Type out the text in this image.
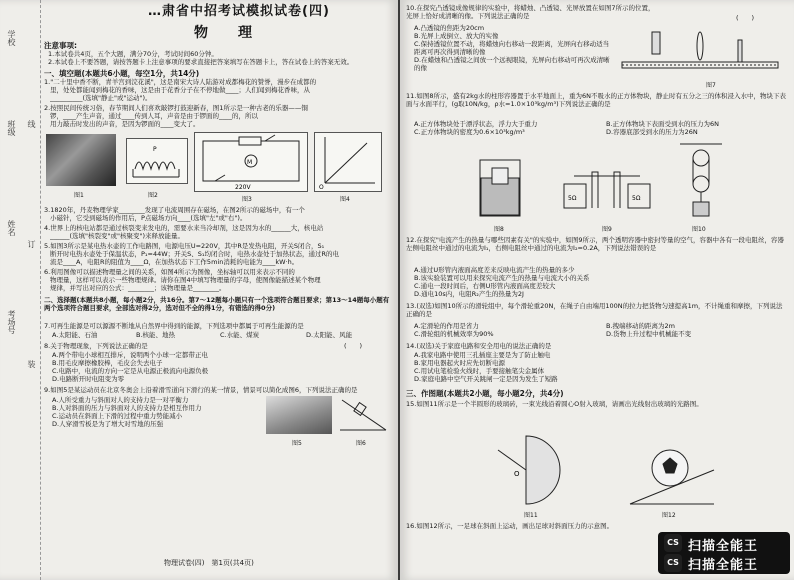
学校
班级
姓名
考场号
线
订
装
…肃省中招考试模拟试卷(四)
物　理
注意事项:
1.本试卷共4页，五个大题，满分70分，考试时间60分钟。
2.本试卷上不要答题，请按答题卡上注意事项的要求直接把答案填写在答题卡上，答在试卷上的答案无效。
一、填空题(本题共6小题，每空1分，共14分)
1."二十里中香不断，青羊宫到浣花溪"，这是南宋大诗人陆游对成都梅花的赞誉，漫步在成都的
里，处处都能闻到梅花的香味，这是由于花香分子在不停地做____；人们闻到梅花香味，从
__________(选填"静止"或"运动")。
2.按照民间传统习俗，春节期间人们喜欢敲锣打鼓迎新春，图1所示是一种古老的乐器——铜
锣，____产生声音，通过____传到人耳，声音是由于锣面的____的，所以
用力敲击时发出的声音，是因为锣面的____变大了。
P
M
220V	O
图1	图2
图3	图4
3.1820年，丹麦物理学家________发现了电流周围存在磁场，在图2所示的磁场中，有一个
小磁针，它受到磁场的作用后，P点磁场方向____(选填"左"或"右")。
4.世界上的核电站都是通过核裂变来发电的，需要水来当冷却剂，这是因为水的______大，核电站
______(选填"核裂变"或"核聚变")来释放能量。
5.如图3所示是某电热水壶的工作电路图，电源电压U=220V，其中R是发热电阻，开关S闭合，S₁
断开时电热水壶处于保温状态，P₁=44W；开关S、S₁均闭合时，电热水壶处于加热状态，通过R的电
流是____A，电阻R的阻值为____Ω，在加热状态下工作5min消耗的电能为____kW·h。
6.利用图像可以描述物理量之间的关系，如图4所示为图像，坐标轴可以用来表示不同的
物理量，这样可以表示一些物理规律。请你在图4中填写物理量的字母，使图像能描述某个物理
规律，并写出对应的公式：________；该物理量是________。
二、选择题(本题共8小题，每小题2分，共16分。第7～12题每小题只有一个选项符合题目要求；第13～14题每小题有两个选项符合题目要求，全部选对得2分，选对但不全的得1分，有错选的得0分)
7.可再生能源是可以源源不断地从自然界中得到的能源，下列选项中都属于可再生能源的是
A.太阳能、石油	B.核能、地热	C.水能、煤炭	D.太阳能、风能
8.关于物理现象，下列说法正确的是	(　　)
A.两个带电小球相互排斥，说明两个小球一定都带正电
B.用毛皮摩擦橡胶棒，毛皮会失去电子
C.电路中，电流的方向一定是从电源正极流向电源负极
D.电路断开时电阻变为零
9.如图5是某运动员在北京冬奥会上沿着滑雪道向下滑行的某一情景，情景可以简化成图6，下列说法正确的是
A.人所受重力与斜面对人的支持力是一对平衡力
B.人对斜面的压力与斜面对人的支持力是相互作用力
C.运动员在斜面上下滑的过程中重力势能减小
D.人穿滑雪板是为了增大对雪地的压强
图5	图6
物理试卷(四)　第1页(共4页)
10.在探究凸透镜成像规律的实验中，将蜡烛、凸透镜、光屏放置在如图7所示的位置，光屏上恰好成清晰的像。下列说法正确的是
A.凸透镜的焦距为20cm
B.光屏上成倒立、放大的实像
C.保持透镜位置不动，将蜡烛向右移动一段距离，光屏向右移动适当距离可再次得到清晰的像
D.在蜡烛和凸透镜之间放一个远视眼镜，光屏向右移动可再次成清晰的像
(　　)
图7
11.如图8所示，盛有2kg水的柱形容器置于水平地面上，重为6N不吸水的正方体物块，静止时有五分之三的体积浸入水中，物块下表面与水面平行，(g取10N/kg，ρ水=1.0×10³kg/m³)下列说法正确的是
A.正方体物块处于漂浮状态，浮力大于重力	B.正方体物块下表面受到水的压力为6N
C.正方体物块的密度为0.6×10³kg/m³	D.容器底部受到水的压力为26N
5Ω	5Ω
图8	图9	图10
12.在探究"电流产生的热量与哪些因素有关"的实验中，如图9所示，两个透明容器中密封等量的空气，容器中各有一段电阻丝，容器左侧电阻丝中通过的电流为I₁，右侧电阻丝中通过的电流为I₂=0.2A，下列说法错误的是
A.通过U形管内液面高度差来反映电流产生的热量的多少
B.该实验装置可以用来探究电流产生的热量与电流大小的关系
C.通电一段时间后，右侧U形管内液面高度差较大
D.通电10s内，电阻R₂产生的热量为2J
13.(双选)如图10所示的滑轮组中，每个滑轮重20N，在绳子自由端用100N的拉力把货物匀速提高1m，不计绳重和摩擦，下列说法正确的是
A.定滑轮的作用是省力	B.拽端移动的距离为2m
C.滑轮组的机械效率为90%	D.货物上升过程中机械能不变
14.(双选)关于家庭电路和安全用电的说法正确的是
A.我家电路中使用三孔插座主要是为了防止触电
B.家用电器起火时应先切断电源
C.用试电笔检验火线时，手要接触笔尖金属体
D.家庭电路中空气开关跳闸一定是因为发生了短路
三、作图题(本题共2小题，每小题2分，共4分)
15.如图11所示是一个半圆形的玻璃砖，一束光线沿着圆心O射入玻璃，请画出光线射出玻璃的光路图。
O
图11	图12
16.如图12所示，一足球在斜面上运动，画出足球对斜面压力的示意图。
CS
CS
扫描全能王
扫描全能王
